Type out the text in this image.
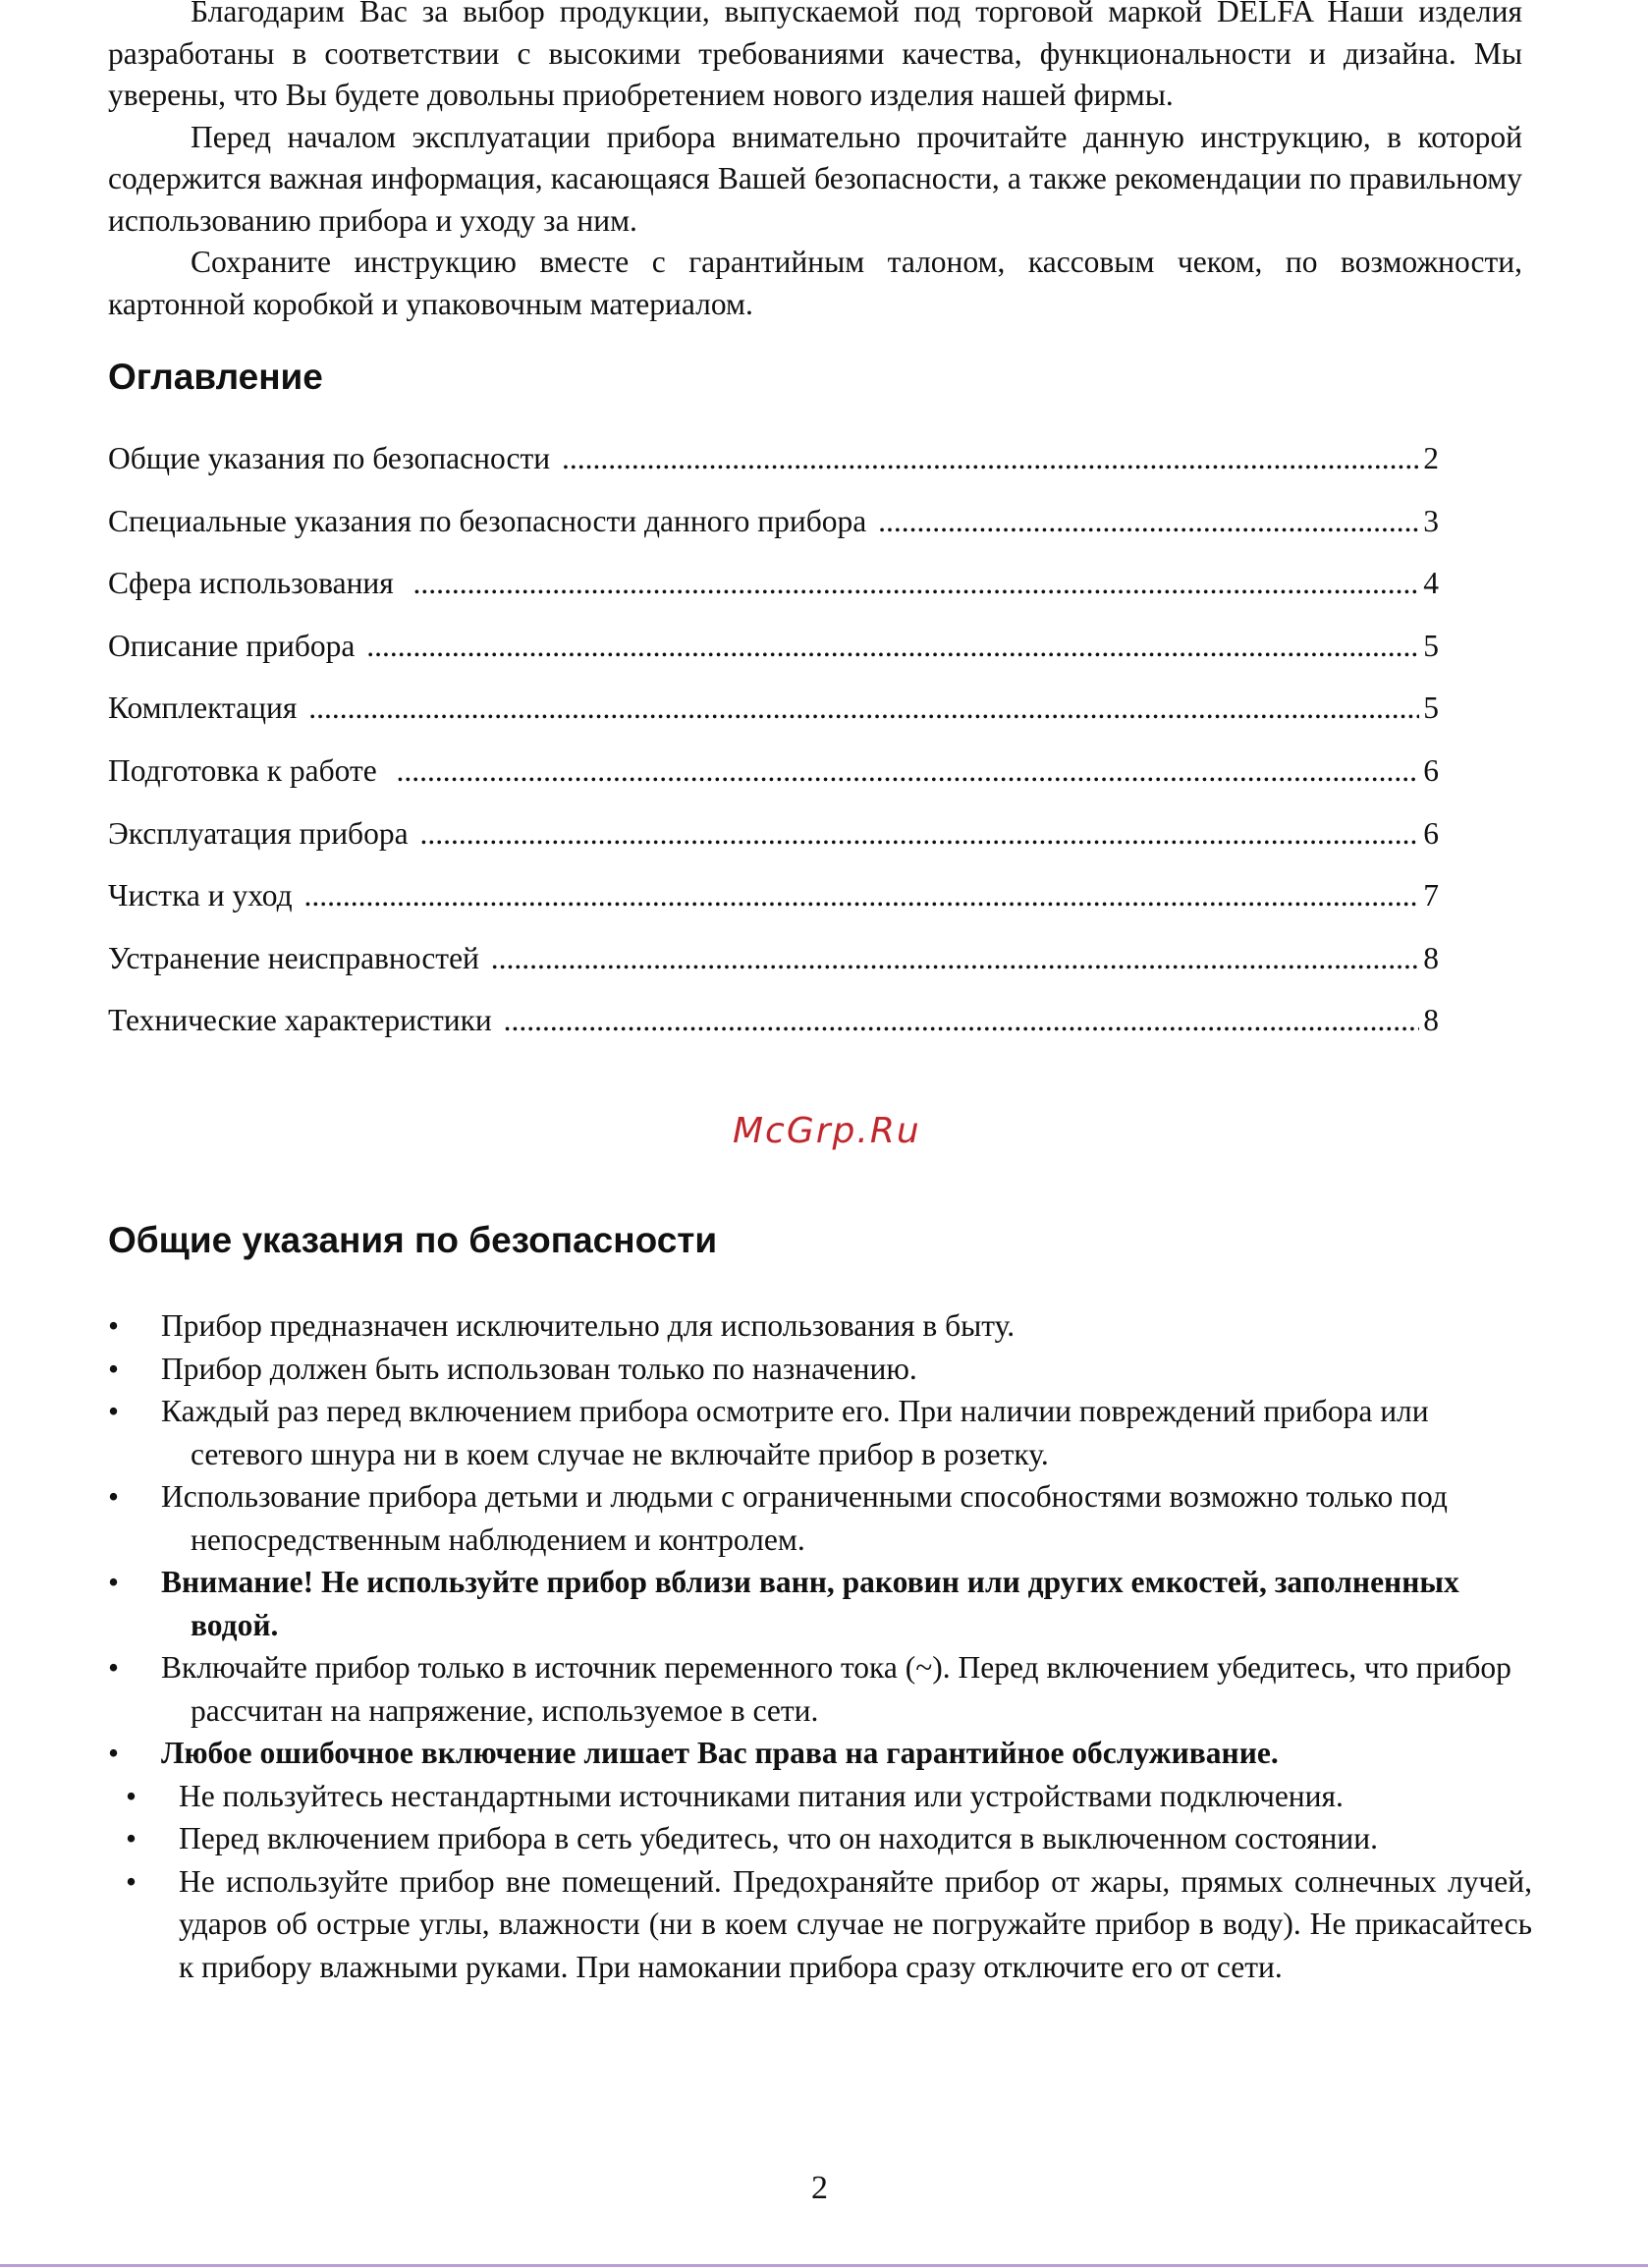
Благодарим Вас за выбор продукции, выпускаемой под торговой маркой DELFA Наши изделия разработаны в соответствии с высокими требованиями качества, функциональности и дизайна. Мы уверены, что Вы будете довольны приобретением нового изделия нашей фирмы.

Перед началом эксплуатации прибора внимательно прочитайте данную инструкцию, в которой содержится важная информация, касающаяся Вашей безопасности, а также рекомендации по правильному использованию прибора и уходу за ним.

Сохраните инструкцию вместе с гарантийным талоном, кассовым чеком, по возможности, картонной коробкой и упаковочным материалом.

Оглавление
Общие указания по безопасности .....	2
Специальные указания по безопасности данного прибора .....	3
Сфера использования .....	4
Описание прибора .....	5
Комплектация .....	5
Подготовка к работе .....	6
Эксплуатация прибора .....	6
Чистка и уход .....	7
Устранение неисправностей .....	8
Технические характеристики .....	8
McGrp.Ru
Общие указания по безопасности
• Прибор предназначен исключительно для использования в быту.
• Прибор должен быть использован только по назначению.
• Каждый раз перед включением прибора осмотрите его. При наличии повреждений прибора или сетевого шнура ни в коем случае не включайте прибор в розетку.
• Использование прибора детьми и людьми с ограниченными способностями возможно только под непосредственным наблюдением и контролем.
• Внимание! Не используйте прибор вблизи ванн, раковин или других емкостей, заполненных водой.
• Включайте прибор только в источник переменного тока (~). Перед включением убедитесь, что прибор рассчитан на напряжение, используемое в сети.
• Любое ошибочное включение лишает Вас права на гарантийное обслуживание.
• Не пользуйтесь нестандартными источниками питания или устройствами подключения.
• Перед включением прибора в сеть убедитесь, что он находится в выключенном состоянии.
• Не используйте прибор вне помещений. Предохраняйте прибор от жары, прямых солнечных лучей, ударов об острые углы, влажности (ни в коем случае не погружайте прибор в воду). Не прикасайтесь к прибору влажными руками. При намокании прибора сразу отключите его от сети.
2
